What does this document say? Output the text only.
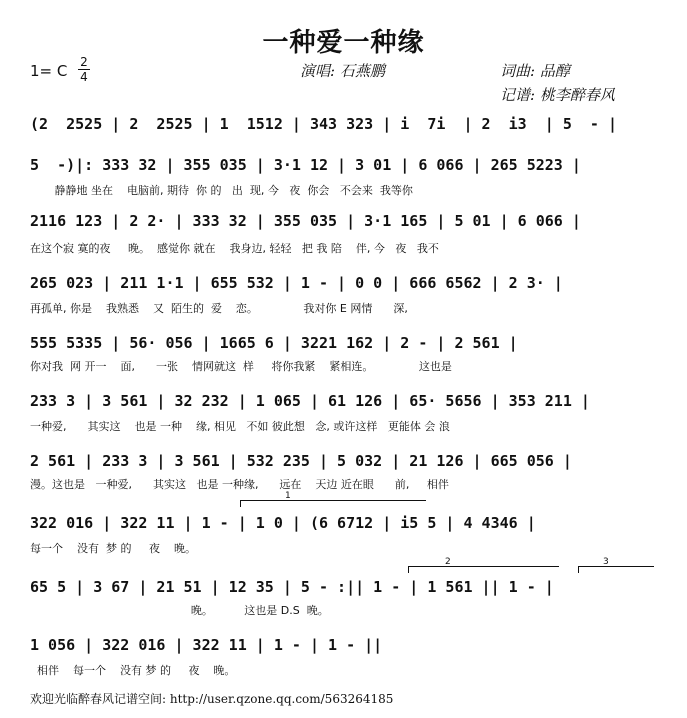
一种爱一种缘
1= C 2
4	演唱: 石燕鹏	词曲: 品醇
记谱: 桃李醉春风
(2  2525 | 2  2525 | 1  1512 | 343 323 | i  7i  | 2  i3  | 5  - |
5  -)|: 333 32 | 355 035 | 3·1 12 | 3 01 | 6 066 | 265 5223 |
静静地 坐在    电脑前, 期待  你 的   出  现, 今   夜  你会   不会来  我等你
2116 123 | 2 2· | 333 32 | 355 035 | 3·1 165 | 5 01 | 6 066 |
在这个寂 寞的夜     晚。  感觉你 就在    我身边, 轻轻   把 我 陪    伴, 今   夜   我不
265 023 | 211 1·1 | 655 532 | 1 - | 0 0 | 666 6562 | 2 3· |
再孤单, 你是    我熟悉    又  陌生的  爱    恋。             我对你 E 网情      深,
555 5335 | 56· 056 | 1665 6 | 3221 162 | 2 - | 2 561 |
你对我  网 开一    面,      一张    情网就这  样     将你我紧    紧相连。             这也是
233 3 | 3 561 | 32 232 | 1 065 | 61 126 | 65· 5656 | 353 211 |
一种爱,      其实这    也是 一种    缘, 相见   不如 彼此想   念, 或许这样   更能体 会 浪
2 561 | 233 3 | 3 561 | 532 235 | 5 032 | 21 126 | 665 056 |
漫。这也是   一种爱,      其实这   也是 一种缘,      远在    天边 近在眼      前,     相伴
322 016 | 322 11 | 1 - | 1 0 | (6 6712 | i5 5 | 4 4346 |
每一个    没有  梦 的     夜    晚。
65 5 | 3 67 | 21 51 | 12 35 | 5 - :|| 1 - | 1 561 || 1 - |
晚。         这也是 D.S  晚。
1 056 | 322 016 | 322 11 | 1 - | 1 - ||
相伴    每一个    没有 梦 的     夜    晚。
1
2	3
欢迎光临醉春风记谱空间: http://user.qzone.qq.com/563264185
